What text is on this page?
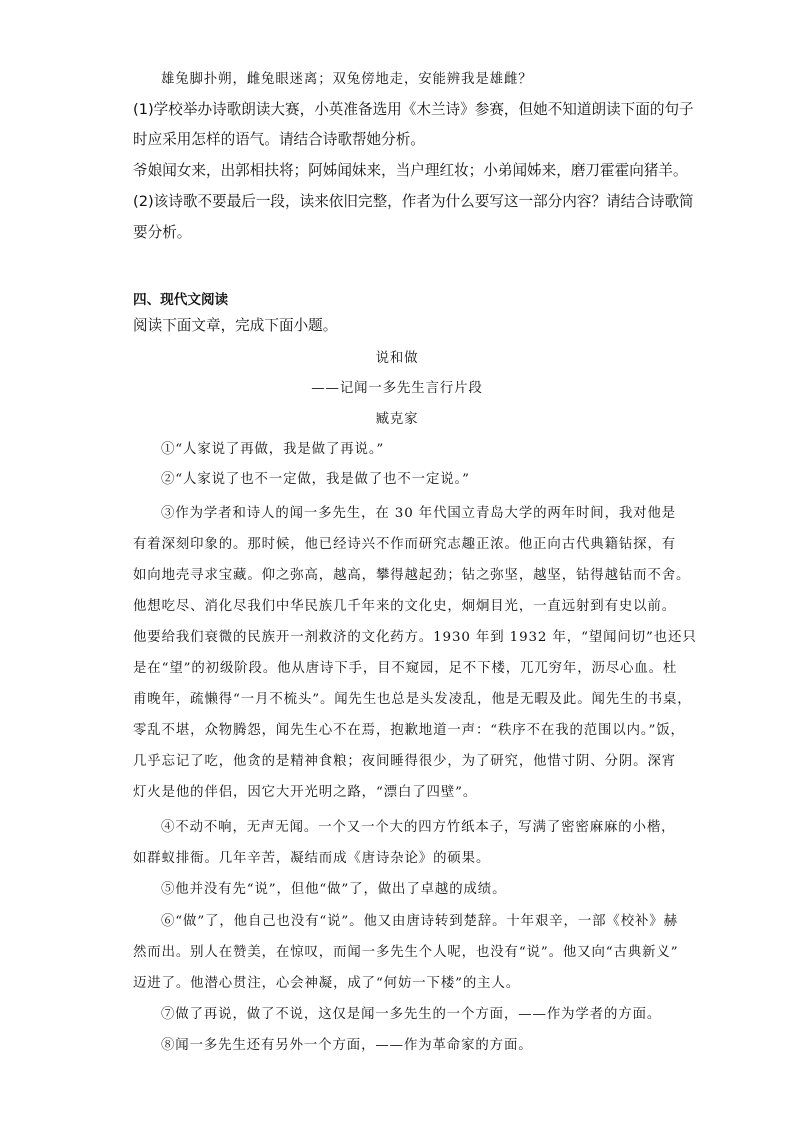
雄兔脚扑朔，雌兔眼迷离；双兔傍地走，安能辨我是雄雌？
(1)学校举办诗歌朗读大赛，小英准备选用《木兰诗》参赛，但她不知道朗读下面的句子
时应采用怎样的语气。请结合诗歌帮她分析。
爷娘闻女来，出郭相扶将；阿姊闻妹来，当户理红妆；小弟闻姊来，磨刀霍霍向猪羊。
(2)该诗歌不要最后一段，读来依旧完整，作者为什么要写这一部分内容？请结合诗歌简
要分析。
四、现代文阅读
阅读下面文章，完成下面小题。
说和做
——记闻一多先生言行片段
臧克家
①“人家说了再做，我是做了再说。”
②“人家说了也不一定做，我是做了也不一定说。”
③作为学者和诗人的闻一多先生，在 30 年代国立青岛大学的两年时间，我对他是
有着深刻印象的。那时候，他已经诗兴不作而研究志趣正浓。他正向古代典籍钻探，有
如向地壳寻求宝藏。仰之弥高，越高，攀得越起劲；钻之弥坚，越坚，钻得越钻而不舍。
他想吃尽、消化尽我们中华民族几千年来的文化史，炯炯目光，一直远射到有史以前。
他要给我们衰微的民族开一剂救济的文化药方。1930 年到 1932 年，“望闻问切”也还只
是在“望”的初级阶段。他从唐诗下手，目不窥园，足不下楼，兀兀穷年，沥尽心血。杜
甫晚年，疏懒得“一月不梳头”。闻先生也总是头发凌乱，他是无暇及此。闻先生的书桌，
零乱不堪，众物腾怨，闻先生心不在焉，抱歉地道一声：“秩序不在我的范围以内。”饭，
几乎忘记了吃，他贪的是精神食粮；夜间睡得很少，为了研究，他惜寸阴、分阴。深宵
灯火是他的伴侣，因它大开光明之路，“漂白了四壁”。
④不动不响，无声无闻。一个又一个大的四方竹纸本子，写满了密密麻麻的小楷，
如群蚁排衙。几年辛苦，凝结而成《唐诗杂论》的硕果。
⑤他并没有先“说”，但他“做”了，做出了卓越的成绩。
⑥“做”了，他自己也没有“说”。他又由唐诗转到楚辞。十年艰辛，一部《校补》赫
然而出。别人在赞美，在惊叹，而闻一多先生个人呢，也没有“说”。他又向“古典新义”
迈进了。他潜心贯注，心会神凝，成了“何妨一下楼”的主人。
⑦做了再说，做了不说，这仅是闻一多先生的一个方面，——作为学者的方面。
⑧闻一多先生还有另外一个方面，——作为革命家的方面。
